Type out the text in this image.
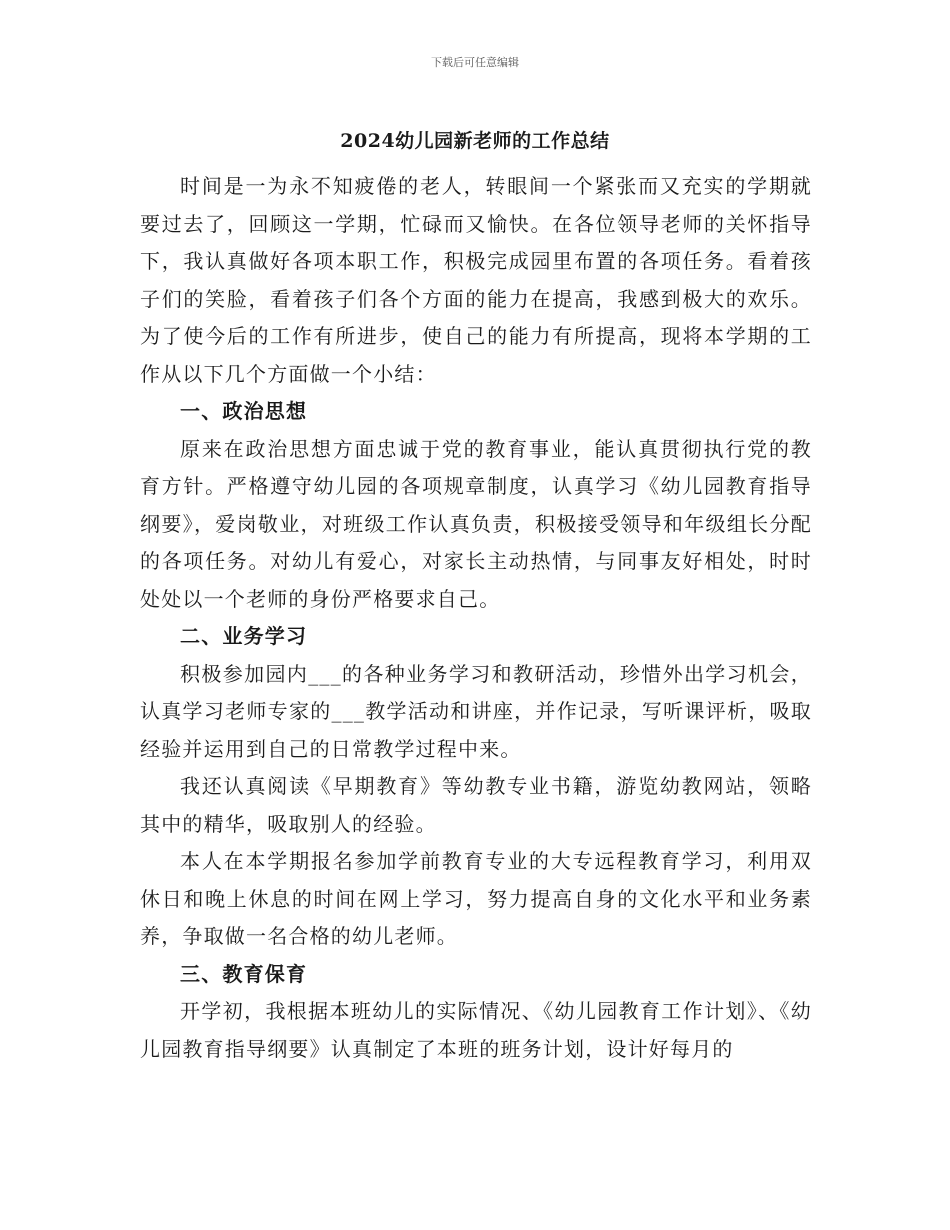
下载后可任意编辑
2024幼儿园新老师的工作总结

时间是一为永不知疲倦的老人，转眼间一个紧张而又充实的学期就要过去了，回顾这一学期，忙碌而又愉快。在各位领导老师的关怀指导下，我认真做好各项本职工作，积极完成园里布置的各项任务。看着孩子们的笑脸，看着孩子们各个方面的能力在提高，我感到极大的欢乐。为了使今后的工作有所进步，使自己的能力有所提高，现将本学期的工作从以下几个方面做一个小结：

一、政治思想

原来在政治思想方面忠诚于党的教育事业，能认真贯彻执行党的教育方针。严格遵守幼儿园的各项规章制度，认真学习《幼儿园教育指导纲要》，爱岗敬业，对班级工作认真负责，积极接受领导和年级组长分配的各项任务。对幼儿有爱心，对家长主动热情，与同事友好相处，时时处处以一个老师的身份严格要求自己。

二、业务学习

积极参加园内___的各种业务学习和教研活动，珍惜外出学习机会，认真学习老师专家的___教学活动和讲座，并作记录，写听课评析，吸取经验并运用到自己的日常教学过程中来。

我还认真阅读《早期教育》等幼教专业书籍，游览幼教网站，领略其中的精华，吸取别人的经验。

本人在本学期报名参加学前教育专业的大专远程教育学习，利用双休日和晚上休息的时间在网上学习，努力提高自身的文化水平和业务素养，争取做一名合格的幼儿老师。

三、教育保育

开学初，我根据本班幼儿的实际情况、《幼儿园教育工作计划》、《幼儿园教育指导纲要》认真制定了本班的班务计划，设计好每月的
